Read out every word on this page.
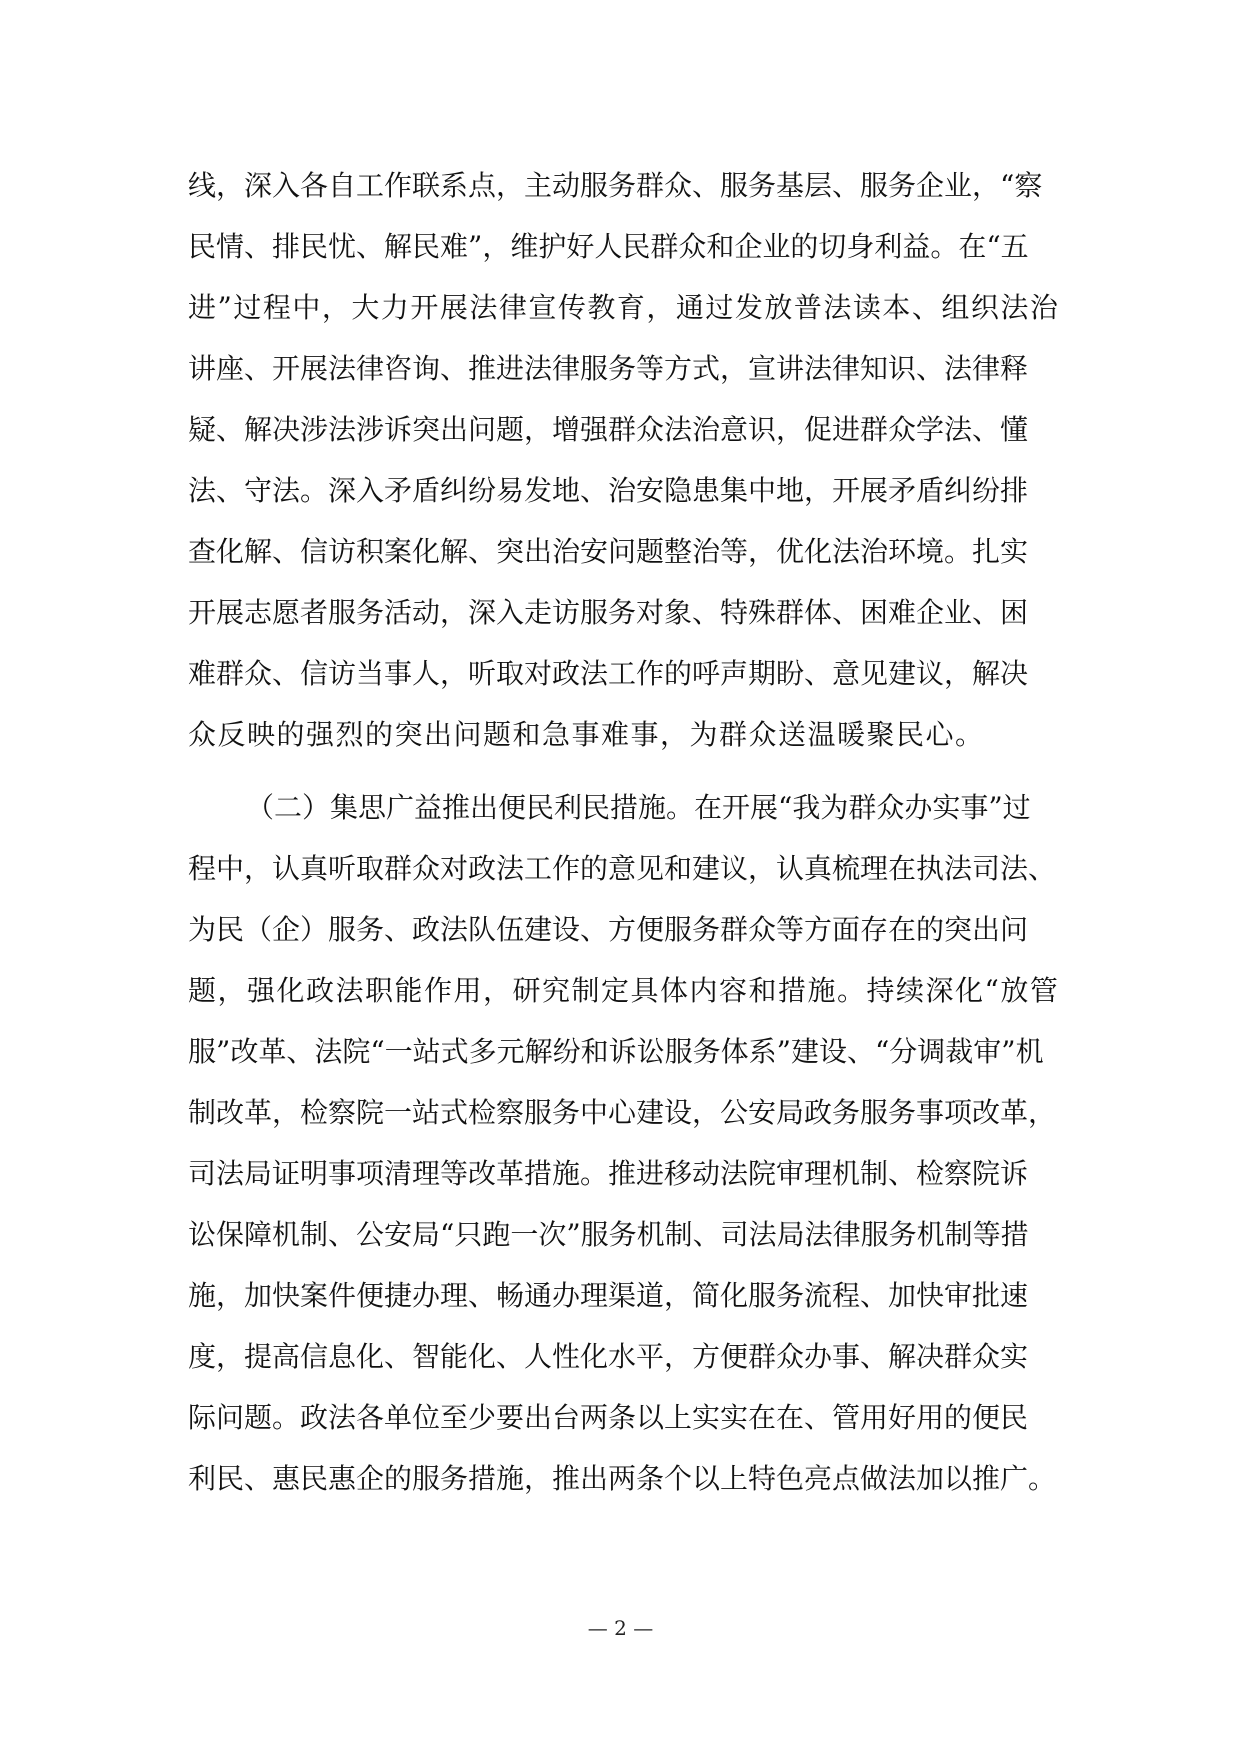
线，深入各自工作联系点，主动服务群众、服务基层、服务企业，“察
民情、排民忧、解民难”，维护好人民群众和企业的切身利益。在“五
进”过程中，大力开展法律宣传教育，通过发放普法读本、组织法治
讲座、开展法律咨询、推进法律服务等方式，宣讲法律知识、法律释
疑、解决涉法涉诉突出问题，增强群众法治意识，促进群众学法、懂
法、守法。深入矛盾纠纷易发地、治安隐患集中地，开展矛盾纠纷排
查化解、信访积案化解、突出治安问题整治等，优化法治环境。扎实
开展志愿者服务活动，深入走访服务对象、特殊群体、困难企业、困
难群众、信访当事人，听取对政法工作的呼声期盼、意见建议，解决
众反映的强烈的突出问题和急事难事，为群众送温暖聚民心。
（二）集思广益推出便民利民措施。在开展“我为群众办实事”过
程中，认真听取群众对政法工作的意见和建议，认真梳理在执法司法、
为民（企）服务、政法队伍建设、方便服务群众等方面存在的突出问
题，强化政法职能作用，研究制定具体内容和措施。持续深化“放管
服”改革、法院“一站式多元解纷和诉讼服务体系”建设、“分调裁审”机
制改革，检察院一站式检察服务中心建设，公安局政务服务事项改革，
司法局证明事项清理等改革措施。推进移动法院审理机制、检察院诉
讼保障机制、公安局“只跑一次”服务机制、司法局法律服务机制等措
施，加快案件便捷办理、畅通办理渠道，简化服务流程、加快审批速
度，提高信息化、智能化、人性化水平，方便群众办事、解决群众实
际问题。政法各单位至少要出台两条以上实实在在、管用好用的便民
利民、惠民惠企的服务措施，推出两条个以上特色亮点做法加以推广。
— 2 —
